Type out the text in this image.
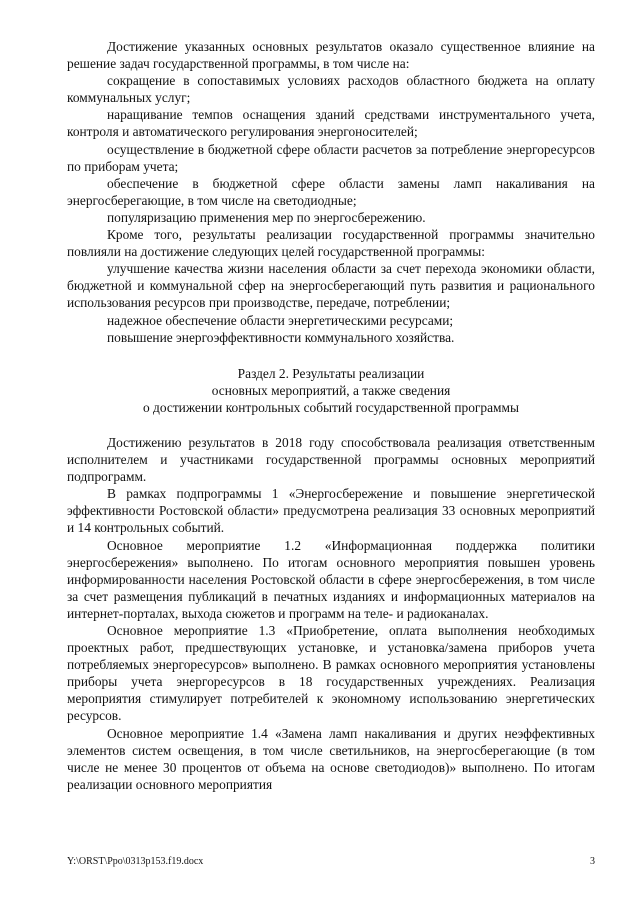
Достижение указанных основных результатов оказало существенное влияние на решение задач государственной программы, в том числе на:

сокращение в сопоставимых условиях расходов областного бюджета на оплату коммунальных услуг;

наращивание темпов оснащения зданий средствами инструментального учета, контроля и автоматического регулирования энергоносителей;

осуществление в бюджетной сфере области расчетов за потребление энергоресурсов по приборам учета;

обеспечение в бюджетной сфере области замены ламп накаливания на энергосберегающие, в том числе на светодиодные;

популяризацию применения мер по энергосбережению.

Кроме того, результаты реализации государственной программы значительно повлияли на достижение следующих целей государственной программы:

улучшение качества жизни населения области за счет перехода экономики области, бюджетной и коммунальной сфер на энергосберегающий путь развития и рационального использования ресурсов при производстве, передаче, потреблении;

надежное обеспечение области энергетическими ресурсами;

повышение энергоэффективности коммунального хозяйства.

Раздел 2. Результаты реализации

основных мероприятий, а также сведения

о достижении контрольных событий государственной программы

Достижению результатов в 2018 году способствовала реализация ответственным исполнителем и участниками государственной программы основных мероприятий подпрограмм.

В рамках подпрограммы 1 «Энергосбережение и повышение энергетической эффективности Ростовской области» предусмотрена реализация 33 основных мероприятий и 14 контрольных событий.

Основное мероприятие 1.2 «Информационная поддержка политики энергосбережения» выполнено. По итогам основного мероприятия повышен уровень информированности населения Ростовской области в сфере энергосбережения, в том числе за счет размещения публикаций в печатных изданиях и информационных материалов на интернет-порталах, выхода сюжетов и программ на теле- и радиоканалах.

Основное мероприятие 1.3 «Приобретение, оплата выполнения необходимых проектных работ, предшествующих установке, и установка/замена приборов учета потребляемых энергоресурсов» выполнено. В рамках основного мероприятия установлены приборы учета энергоресурсов в 18 государственных учреждениях. Реализация мероприятия стимулирует потребителей к экономному использованию энергетических ресурсов.

Основное мероприятие 1.4 «Замена ламп накаливания и других неэффективных элементов систем освещения, в том числе светильников, на энергосберегающие (в том числе не менее 30 процентов от объема на основе светодиодов)» выполнено. По итогам реализации основного мероприятия

Y:\ORST\Ppo\0313p153.f19.docx	3
